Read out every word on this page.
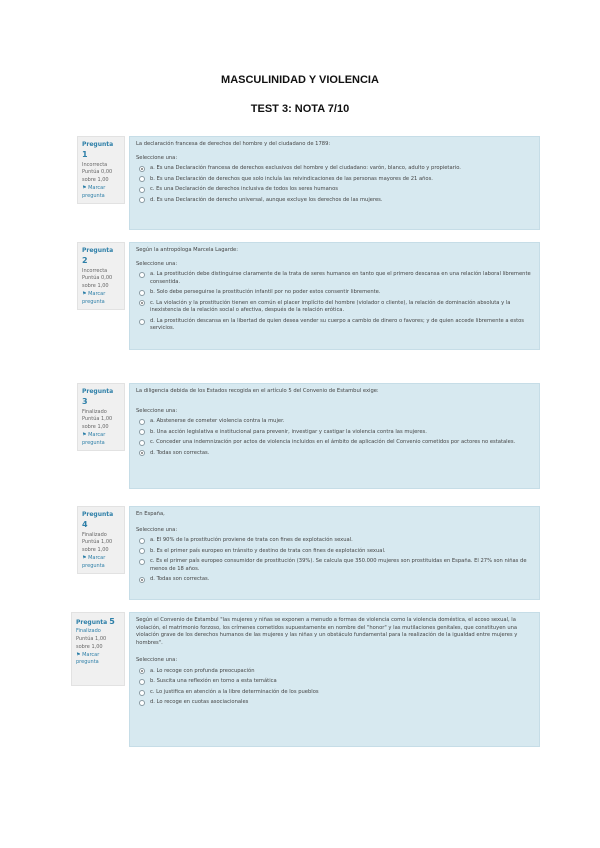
MASCULINIDAD Y VIOLENCIA
TEST 3: NOTA 7/10
Pregunta 1
Incorrecta
Puntúa 0,00 sobre 1,00
⚑ Marcar pregunta
La declaración francesa de derechos del hombre y del ciudadano de 1789:
Seleccione una:
a. Es una Declaración francesa de derechos exclusivos del hombre y del ciudadano: varón, blanco, adulto y propietario.
b. Es una Declaración de derechos que solo incluía las reivindicaciones de las personas mayores de 21 años.
c. Es una Declaración de derechos inclusiva de todos los seres humanos
d. Es una Declaración de derecho universal, aunque excluye los derechos de las mujeres.
Pregunta 2
Incorrecta
Puntúa 0,00 sobre 1,00
⚑ Marcar pregunta
Según la antropóloga Marcela Lagarde:
Seleccione una:
a. La prostitución debe distinguirse claramente de la trata de seres humanos en tanto que el primero descansa en una relación laboral libremente consentida.
b. Solo debe perseguirse la prostitución infantil por no poder estos consentir libremente.
c. La violación y la prostitución tienen en común el placer implícito del hombre (violador o cliente), la relación de dominación absoluta y la inexistencia de la relación social o afectiva, después de la relación erótica.
d. La prostitución descansa en la libertad de quien desea vender su cuerpo a cambio de dinero o favores; y de quien accede libremente a estos servicios.
Pregunta 3
Finalizado
Puntúa 1,00 sobre 1,00
⚑ Marcar pregunta
La diligencia debida de los Estados recogida en el artículo 5 del Convenio de Estambul exige:
Seleccione una:
a. Abstenerse de cometer violencia contra la mujer.
b. Una acción legislativa e institucional para prevenir, investigar y castigar la violencia contra las mujeres.
c. Conceder una indemnización por actos de violencia incluidos en el ámbito de aplicación del Convenio cometidos por actores no estatales.
d. Todas son correctas.
Pregunta 4
Finalizado
Puntúa 1,00 sobre 1,00
⚑ Marcar pregunta
En España,
Seleccione una:
a. El 90% de la prostitución proviene de trata con fines de explotación sexual.
b. Es el primer país europeo en tránsito y destino de trata con fines de explotación sexual.
c. Es el primer país europeo consumidor de prostitución (39%). Se calcula que 350.000 mujeres son prostituidas en España. El 27% son niñas de menos de 18 años.
d. Todas son correctas.
Pregunta 5
Finalizado
Puntúa 1,00 sobre 1,00
⚑ Marcar pregunta
Según el Convenio de Estambul "las mujeres y niñas se exponen a menudo a formas de violencia como la violencia doméstica, el acoso sexual, la violación, el matrimonio forzoso, los crímenes cometidos supuestamente en nombre del "honor" y las mutilaciones genitales, que constituyen una violación grave de los derechos humanos de las mujeres y las niñas y un obstáculo fundamental para la realización de la igualdad entre mujeres y hombres".
Seleccione una:
a. Lo recoge con profunda preocupación
b. Suscita una reflexión en torno a esta temática
c. Lo justifica en atención a la libre determinación de los pueblos
d. Lo recoge en cuotas asociacionales
